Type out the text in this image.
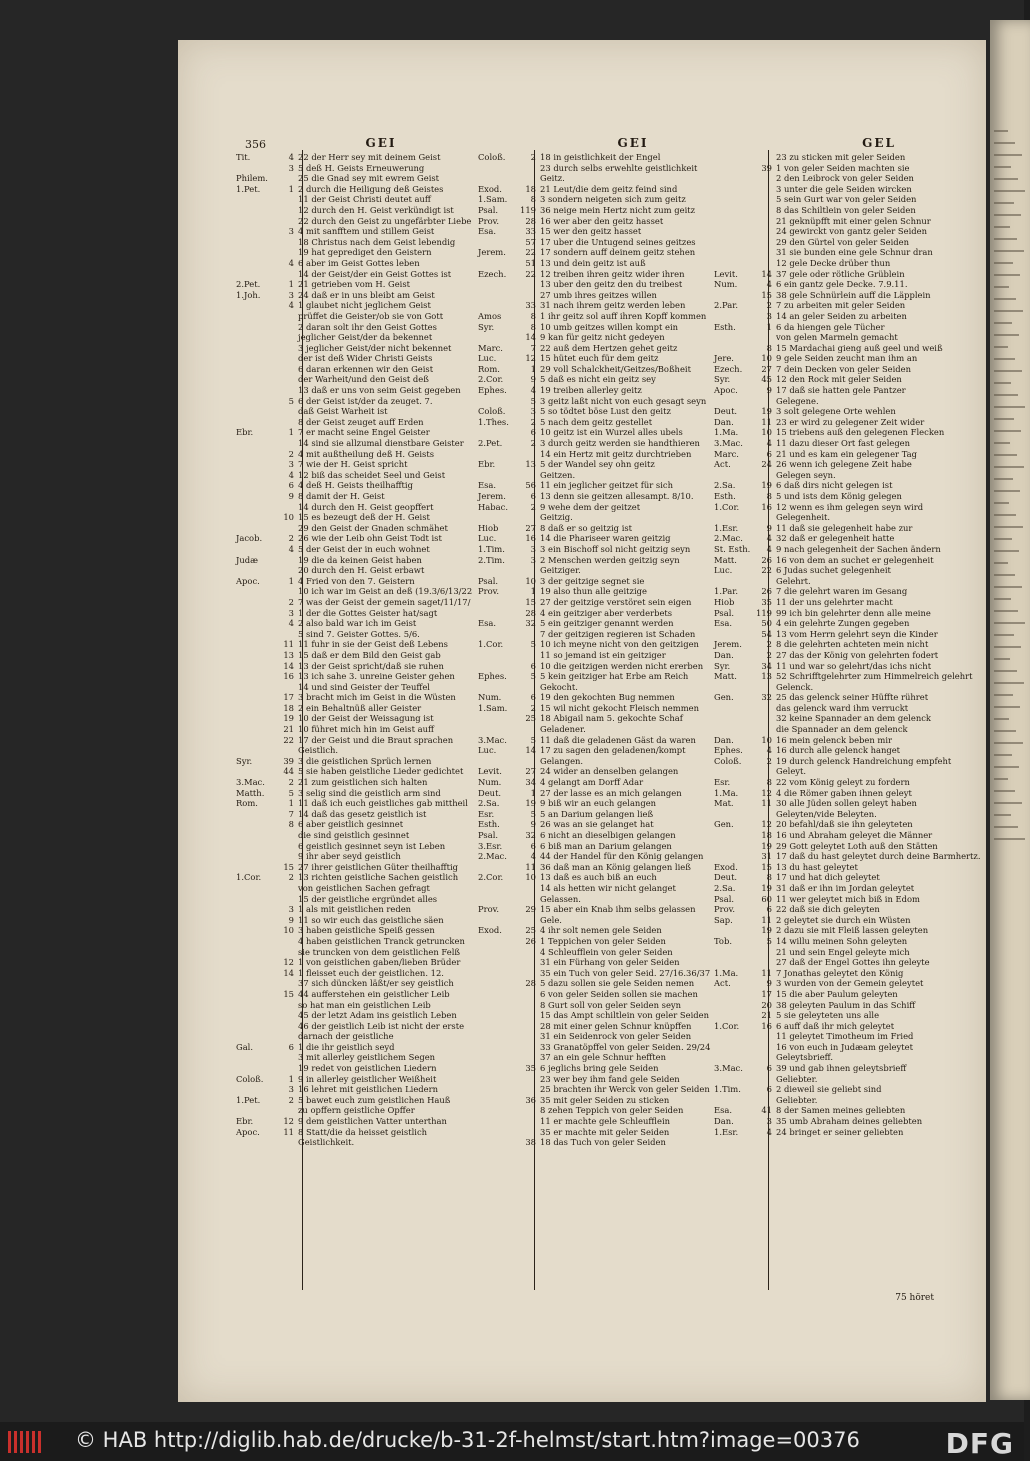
356	GEI
Tit.	4 22 der Herr sey mit deinem Geist
3 5 deß H. Geists Erneuwerung
Philem.	25 die Gnad sey mit ewrem Geist
1.Pet.	1 2 durch die Heiligung deß Geistes
11 der Geist Christi deutet auff
12 durch den H. Geist verkündigt ist
22 durch den Geist zu ungefärbter Liebe
3 4 mit sanfftem und stillem Geist
18 Christus nach dem Geist lebendig
19 hat geprediget den Geistern
4 6 aber im Geist Gottes leben
14 der Geist/der ein Geist Gottes ist
2.Pet.	1 21 getrieben vom H. Geist
1.Joh.	3 24 daß er in uns bleibt am Geist
4 1 glaubet nicht jeglichem Geist
prüffet die Geister/ob sie von Gott
2 daran solt ihr den Geist Gottes
jeglicher Geist/der da bekennet
3 jeglicher Geist/der nicht bekennet
der ist deß Wider Christi Geists
6 daran erkennen wir den Geist
der Warheit/und den Geist deß
13 daß er uns von seim Geist gegeben
5 6 der Geist ist/der da zeuget. 7.
daß Geist Warheit ist
8 der Geist zeuget auff Erden
Ebr.	1 7 er macht seine Engel Geister
14 sind sie allzumal dienstbare Geister
2 4 mit außtheilung deß H. Geists
3 7 wie der H. Geist spricht
4 12 biß das scheidet Seel und Geist
6 4 deß H. Geists theilhafftig
9 8 damit der H. Geist
14 durch den H. Geist geopffert
10 15 es bezeugt deß der H. Geist
29 den Geist der Gnaden schmähet
Jacob.	2 26 wie der Leib ohn Geist Todt ist
4 5 der Geist der in euch wohnet
Judæ	19 die da keinen Geist haben
20 durch den H. Geist erbawt
Apoc.	1 4 Fried von den 7. Geistern
10 ich war im Geist an deß (19.3/6/13/22
2 7 was der Geist der gemein saget/11/17/
3 1 der die Gottes Geister hat/sagt
4 2 also bald war ich im Geist
5 sind 7. Geister Gottes. 5/6.
11 11 fuhr in sie der Geist deß Lebens
13 15 daß er dem Bild den Geist gab
14 13 der Geist spricht/daß sie ruhen
16 13 ich sahe 3. unreine Geister gehen
14 und sind Geister der Teuffel
17 3 bracht mich im Geist in die Wüsten
18 2 ein Behaltnüß aller Geister
19 10 der Geist der Weissagung ist
21 10 führet mich hin im Geist auff
22 17 der Geist und die Braut sprachen
Geistlich.
Syr.	39 3 die geistlichen Sprüch lernen
44 5 sie haben geistliche Lieder gedichtet
3.Mac.	2 21 zum geistlichen sich halten
Matth.	5 3 selig sind die geistlich arm sind
Rom.	1 11 daß ich euch geistliches gab mittheil
7 14 daß das gesetz geistlich ist
8 6 aber geistlich gesinnet
die sind geistlich gesinnet
6 geistlich gesinnet seyn ist Leben
9 ihr aber seyd geistlich
15 27 ihrer geistlichen Güter theilhafftig
1.Cor.	2 13 richten geistliche Sachen geistlich
von geistlichen Sachen gefragt
15 der geistliche ergründet alles
3 1 als mit geistlichen reden
9 11 so wir euch das geistliche säen
10 3 haben geistliche Speiß gessen
4 haben geistlichen Tranck getruncken
sie truncken von dem geistlichen Felß
12 1 von geistlichen gaben/lieben Brüder
14 1 fleisset euch der geistlichen. 12.
37 sich düncken läßt/er sey geistlich
15 44 aufferstehen ein geistlicher Leib
so hat man ein geistlichen Leib
45 der letzt Adam ins geistlich Leben
46 der geistlich Leib ist nicht der erste
darnach der geistliche
Gal.	6 1 die ihr geistlich seyd
3 mit allerley geistlichem Segen
19 redet von geistlichen Liedern
Coloß.	1 9 in allerley geistlicher Weißheit
3 16 lehret mit geistlichen Liedern
1.Pet.	2 5 bawet euch zum geistlichen Hauß
zu opffern geistliche Opffer
Ebr.	12 9 dem geistlichen Vatter unterthan
Apoc.	11 8 Statt/die da heisset geistlich
Geistlichkeit.
GEI
Coloß.	2 18 in geistlichkeit der Engel
23 durch selbs erwehlte geistlichkeit
Geitz.
Exod.	18 21 Leut/die dem geitz feind sind
1.Sam.	8 3 sondern neigeten sich zum geitz
Psal.	119 36 neige mein Hertz nicht zum geitz
Prov.	28 16 wer aber den geitz hasset
Esa.	33 15 wer den geitz hasset
57 17 uber die Untugend seines geitzes
Jerem.	22 17 sondern auff deinem geitz stehen
51 13 und dein geitz ist auß
Ezech.	22 12 treiben ihren geitz wider ihren
13 uber den geitz den du treibest
27 umb ihres geitzes willen
33 31 nach ihrem geitz werden leben
Amos	8 1 ihr geitz sol auff ihren Kopff kommen
Syr.	8 10 umb geitzes willen kompt ein
14 9 kan für geitz nicht gedeyen
Marc.	7 22 auß dem Hertzen gehet geitz
Luc.	12 15 hütet euch für dem geitz
Rom.	1 29 voll Schalckheit/Geitzes/Boßheit
2.Cor.	9 5 daß es nicht ein geitz sey
Ephes.	4 19 treiben allerley geitz
5 3 geitz laßt nicht von euch gesagt seyn
Coloß.	3 5 so tödtet böse Lust den geitz
1.Thes.	2 5 nach dem geitz gestellet
6 10 geitz ist ein Wurzel alles ubels
2.Pet.	2 3 durch geitz werden sie handthieren
14 ein Hertz mit geitz durchtrieben
Ebr.	13 5 der Wandel sey ohn geitz
Geitzen.
Esa.	56 11 ein jeglicher geitzet für sich
Jerem.	6 13 denn sie geitzen allesampt. 8/10.
Habac.	2 9 wehe dem der geitzet
Geitzig.
Hiob	27 8 daß er so geitzig ist
Luc.	16 14 die Phariseer waren geitzig
1.Tim.	3 3 ein Bischoff sol nicht geitzig seyn
2.Tim.	3 2 Menschen werden geitzig seyn
Geitziger.
Psal.	10 3 der geitzige segnet sie
Prov.	1 19 also thun alle geitzige
15 27 der geitzige verstöret sein eigen
28 4 ein geitziger aber verderbets
Esa.	32 5 ein geitziger genannt werden
7 der geitzigen regieren ist Schaden
1.Cor.	5 10 ich meyne nicht von den geitzigen
11 so jemand ist ein geitziger
6 10 die geitzigen werden nicht ererben
Ephes.	5 5 kein geitziger hat Erbe am Reich
Gekocht.
Num.	6 19 den gekochten Bug nemmen
1.Sam.	2 15 wil nicht gekocht Fleisch nemmen
25 18 Abigail nam 5. gekochte Schaf
Geladener.
3.Mac.	5 11 daß die geladenen Gäst da waren
Luc.	14 17 zu sagen den geladenen/kompt
Gelangen.
Levit.	27 24 wider an denselben gelangen
Num.	34 4 gelangt am Dorff Adar
Deut.	1 27 der lasse es an mich gelangen
2.Sa.	19 9 biß wir an euch gelangen
Esr.	5 5 an Darium gelangen ließ
Esth.	9 26 was an sie gelanget hat
Psal.	32 6 nicht an dieselbigen gelangen
3.Esr.	6 6 biß man an Darium gelangen
2.Mac.	4 44 der Handel für den König gelangen
11 36 daß man an König gelangen ließ
2.Cor.	10 13 daß es auch biß an euch
14 als hetten wir nicht gelanget
Gelassen.
Prov.	29 15 aber ein Knab ihm selbs gelassen
Gele.
Exod.	25 4 ihr solt nemen gele Seiden
26 1 Teppichen von geler Seiden
4 Schleufflein von geler Seiden
31 ein Fürhang von geler Seiden
35 ein Tuch von geler Seid. 27/16.36/37
28 5 dazu sollen sie gele Seiden nemen
6 von geler Seiden sollen sie machen
8 Gurt soll von geler Seiden seyn
15 das Ampt schiltlein von geler Seiden
28 mit einer gelen Schnur knüpffen
31 ein Seidenrock von geler Seiden
33 Granatöpffel von geler Seiden. 29/24
37 an ein gele Schnur hefften
35 6 jeglichs bring gele Seiden
23 wer bey ihm fand gele Seiden
25 brachten ihr Werck von geler Seiden
36 35 mit geler Seiden zu sticken
8 zehen Teppich von geler Seiden
11 er machte gele Schleufflein
35 er machte mit geler Seiden
38 18 das Tuch von geler Seiden
GEL
23 zu sticken mit geler Seiden
39 1 von geler Seiden machten sie
2 den Leibrock von geler Seiden
3 unter die gele Seiden wircken
5 sein Gurt war von geler Seiden
8 das Schiltlein von geler Seiden
21 geknüpfft mit einer gelen Schnur
24 gewirckt von gantz geler Seiden
29 den Gürtel von geler Seiden
31 sie bunden eine gele Schnur dran
12 gele Decke drüber thun
Levit.	14 37 gele oder rötliche Grüblein
Num.	4 6 ein gantz gele Decke. 7.9.11.
15 38 gele Schnürlein auff die Läpplein
2.Par.	2 7 zu arbeiten mit geler Seiden
3 14 an geler Seiden zu arbeiten
Esth.	1 6 da hiengen gele Tücher
von gelen Marmeln gemacht
8 15 Mardachai gieng auß geel und weiß
Jere.	10 9 gele Seiden zeucht man ihm an
Ezech.	27 7 dein Decken von geler Seiden
Syr.	45 12 den Rock mit geler Seiden
Apoc.	9 17 daß sie hatten gele Pantzer
Gelegene.
Deut.	19 3 solt gelegene Orte wehlen
Dan.	11 23 er wird zu gelegener Zeit wider
1.Ma.	10 15 triebens auß den gelegenen Flecken
3.Mac.	4 11 dazu dieser Ort fast gelegen
Marc.	6 21 und es kam ein gelegener Tag
Act.	24 26 wenn ich gelegene Zeit habe
Gelegen seyn.
2.Sa.	19 6 daß dirs nicht gelegen ist
Esth.	8 5 und ists dem König gelegen
1.Cor.	16 12 wenn es ihm gelegen seyn wird
Gelegenheit.
1.Esr.	9 11 daß sie gelegenheit habe zur
2.Mac.	4 32 daß er gelegenheit hatte
St. Esth.	4 9 nach gelegenheit der Sachen ändern
Matt.	26 16 von dem an suchet er gelegenheit
Luc.	22 6 Judas suchet gelegenheit
Gelehrt.
1.Par.	26 7 die gelehrt waren im Gesang
Hiob	35 11 der uns gelehrter macht
Psal.	119 99 ich bin gelehrter denn alle meine
Esa.	50 4 ein gelehrte Zungen gegeben
54 13 vom Herrn gelehrt seyn die Kinder
Jerem.	2 8 die gelehrten achteten mein nicht
Dan.	2 27 das der König von gelehrten fodert
Syr.	34 11 und war so gelehrt/das ichs nicht
Matt.	13 52 Schrifftgelehrter zum Himmelreich gelehrt
Gelenck.
Gen.	32 25 das gelenck seiner Hüffte rühret
das gelenck ward ihm verruckt
32 keine Spannader an dem gelenck
die Spannader an dem gelenck
Dan.	10 16 mein gelenck beben mir
Ephes.	4 16 durch alle gelenck hanget
Coloß.	2 19 durch gelenck Handreichung empfeht
Geleyt.
Esr.	8 22 vom König geleyt zu fordern
1.Ma.	12 4 die Römer gaben ihnen geleyt
Mat.	11 30 alle Jüden sollen geleyt haben
Geleyten/vide Beleyten.
Gen.	12 20 befahl/daß sie ihn geleyteten
18 16 und Abraham geleyet die Männer
19 29 Gott geleytet Loth auß den Stätten
31 17 daß du hast geleytet durch deine Barmhertz.
Exod.	15 13 du hast geleytet
Deut.	8 17 und hat dich geleytet
2.Sa.	19 31 daß er ihn im Jordan geleytet
Psal.	60 11 wer geleytet mich biß in Edom
Prov.	6 22 daß sie dich geleyten
Sap.	11 2 geleytet sie durch ein Wüsten
19 2 dazu sie mit Fleiß lassen geleyten
Tob.	5 14 willu meinen Sohn geleyten
21 und sein Engel geleyte mich
27 daß der Engel Gottes ihn geleyte
1.Ma.	11 7 Jonathas geleytet den König
Act.	9 3 wurden von der Gemein geleytet
17 15 die aber Paulum geleyten
20 38 geleyten Paulum in das Schiff
21 5 sie geleyteten uns alle
1.Cor.	16 6 auff daß ihr mich geleytet
11 geleytet Timotheum im Fried
16 von euch in Judæam geleytet
Geleytsbrieff.
3.Mac.	6 39 und gab ihnen geleytsbrieff
Geliebter.
1.Tim.	6 2 dieweil sie geliebt sind
Geliebter.
Esa.	41 8 der Samen meines geliebten
Dan.	3 35 umb Abraham deines geliebten
1.Esr.	4 24 bringet er seiner geliebten
75 höret
© HAB http://diglib.hab.de/drucke/b-31-2f-helmst/start.htm?image=00376	DFG
